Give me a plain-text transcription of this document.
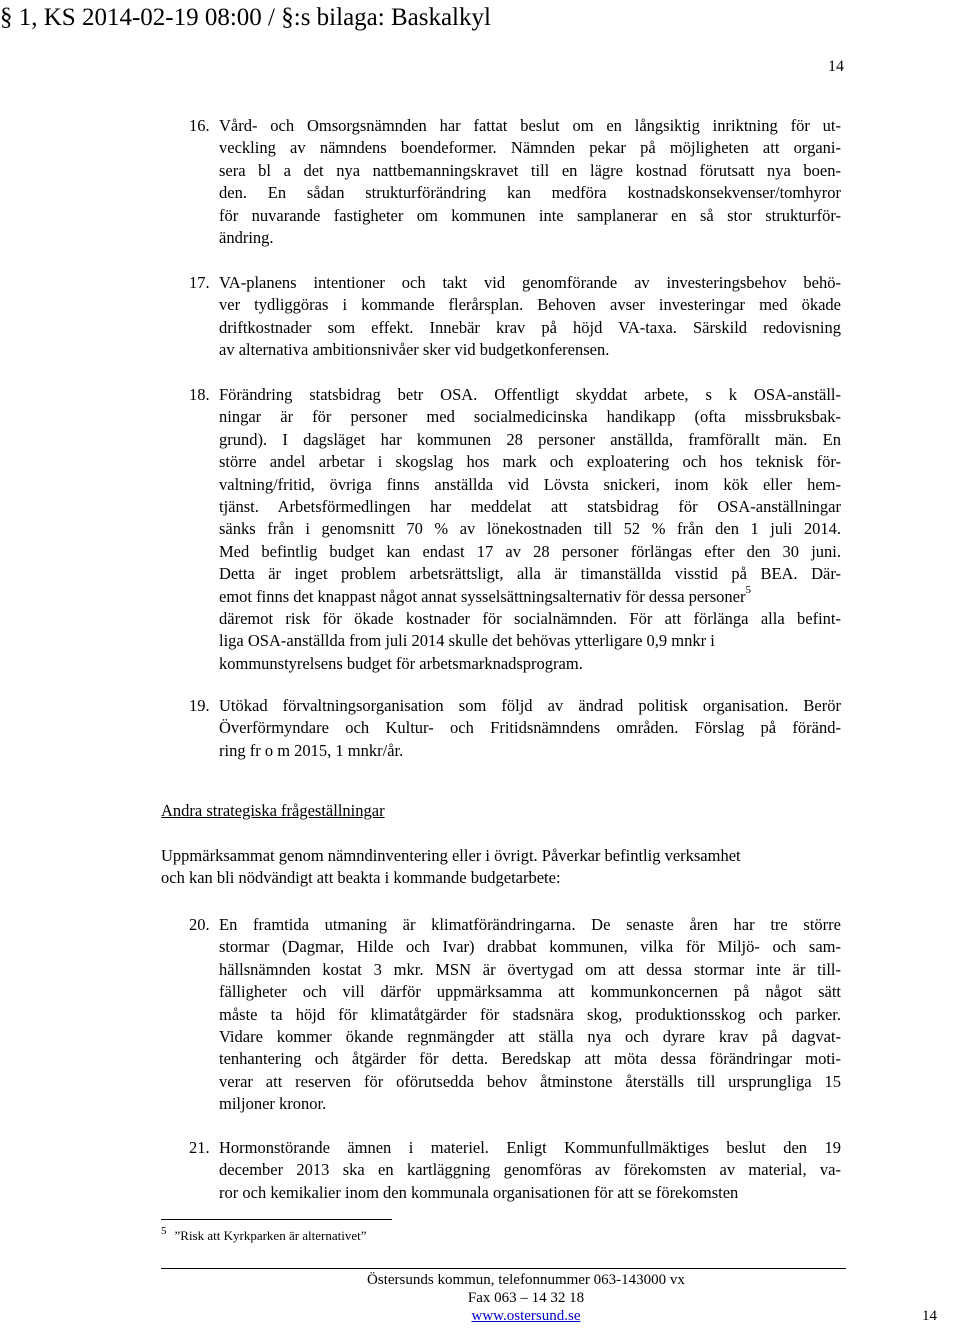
§ 1, KS 2014-02-19 08:00 / §:s bilaga: Baskalkyl
14
16. Vård- och Omsorgsnämnden har fattat beslut om en långsiktig inriktning för ut-
veckling av nämndens boendeformer. Nämnden pekar på möjligheten att organi-
sera bl a det nya nattbemanningskravet till en lägre kostnad förutsatt nya boen-
den. En sådan strukturförändring kan medföra kostnadskonsekvenser/tomhyror
för nuvarande fastigheter om kommunen inte samplanerar en så stor strukturför-
ändring.
17. VA-planens intentioner och takt vid genomförande av investeringsbehov behö-
ver tydliggöras i kommande flerårsplan. Behoven avser investeringar med ökade
driftkostnader som effekt. Innebär krav på höjd VA-taxa. Särskild redovisning
av alternativa ambitionsnivåer sker vid budgetkonferensen.
18. Förändring statsbidrag betr OSA. Offentligt skyddat arbete, s k OSA-anställ-
ningar är för personer med socialmedicinska handikapp (ofta missbruksbak-
grund). I dagsläget har kommunen 28 personer anställda, framförallt män. En
större andel arbetar i skogslag hos mark och exploatering och hos teknisk för-
valtning/fritid, övriga finns anställda vid Lövsta snickeri, inom kök eller hem-
tjänst. Arbetsförmedlingen har meddelat att statsbidrag för OSA-anställningar
sänks från i genomsnitt 70 % av lönekostnaden till 52 % från den 1 juli 2014.
Med befintlig budget kan endast 17 av 28 personer förlängas efter den 30 juni.
Detta är inget problem arbetsrättsligt, alla är timanställda visstid på BEA. Där-
emot finns det knappast något annat sysselsättningsalternativ för dessa personer$^5$
däremot risk för ökade kostnader för socialnämnden. För att förlänga alla befint-
liga OSA-anställda from juli 2014 skulle det behövas ytterligare 0,9 mnkr i
kommunstyrelsens budget för arbetsmarknadsprogram.
19. Utökad förvaltningsorganisation som följd av ändrad politisk organisation. Berör
Överförmyndare och Kultur- och Fritidsnämndens områden. Förslag på föränd-
ring fr o m 2015, 1 mnkr/år.
Andra strategiska frågeställningar
Uppmärksammat genom nämndinventering eller i övrigt. Påverkar befintlig verksamhet
och kan bli nödvändigt att beakta i kommande budgetarbete:
20. En framtida utmaning är klimatförändringarna. De senaste åren har tre större
stormar (Dagmar, Hilde och Ivar) drabbat kommunen, vilka för Miljö- och sam-
hällsnämnden kostat 3 mkr. MSN är övertygad om att dessa stormar inte är till-
fälligheter och vill därför uppmärksamma att kommunkoncernen på något sätt
måste ta höjd för klimatåtgärder för stadsnära skog, produktionsskog och parker.
Vidare kommer ökande regnmängder att ställa nya och dyrare krav på dagvat-
tenhantering och åtgärder för detta. Beredskap att möta dessa förändringar moti-
verar att reserven för oförutsedda behov åtminstone återställs till ursprungliga 15
miljoner kronor.
21. Hormonstörande ämnen i materiel. Enligt Kommunfullmäktiges beslut den 19
december 2013 ska en kartläggning genomföras av förekomsten av material, va-
ror och kemikalier inom den kommunala organisationen för att se förekomsten
$^5$ ”Risk att Kyrkparken är alternativet”
Östersunds kommun, telefonnummer 063-143000 vx
Fax 063 – 14 32 18
www.ostersund.se	14
